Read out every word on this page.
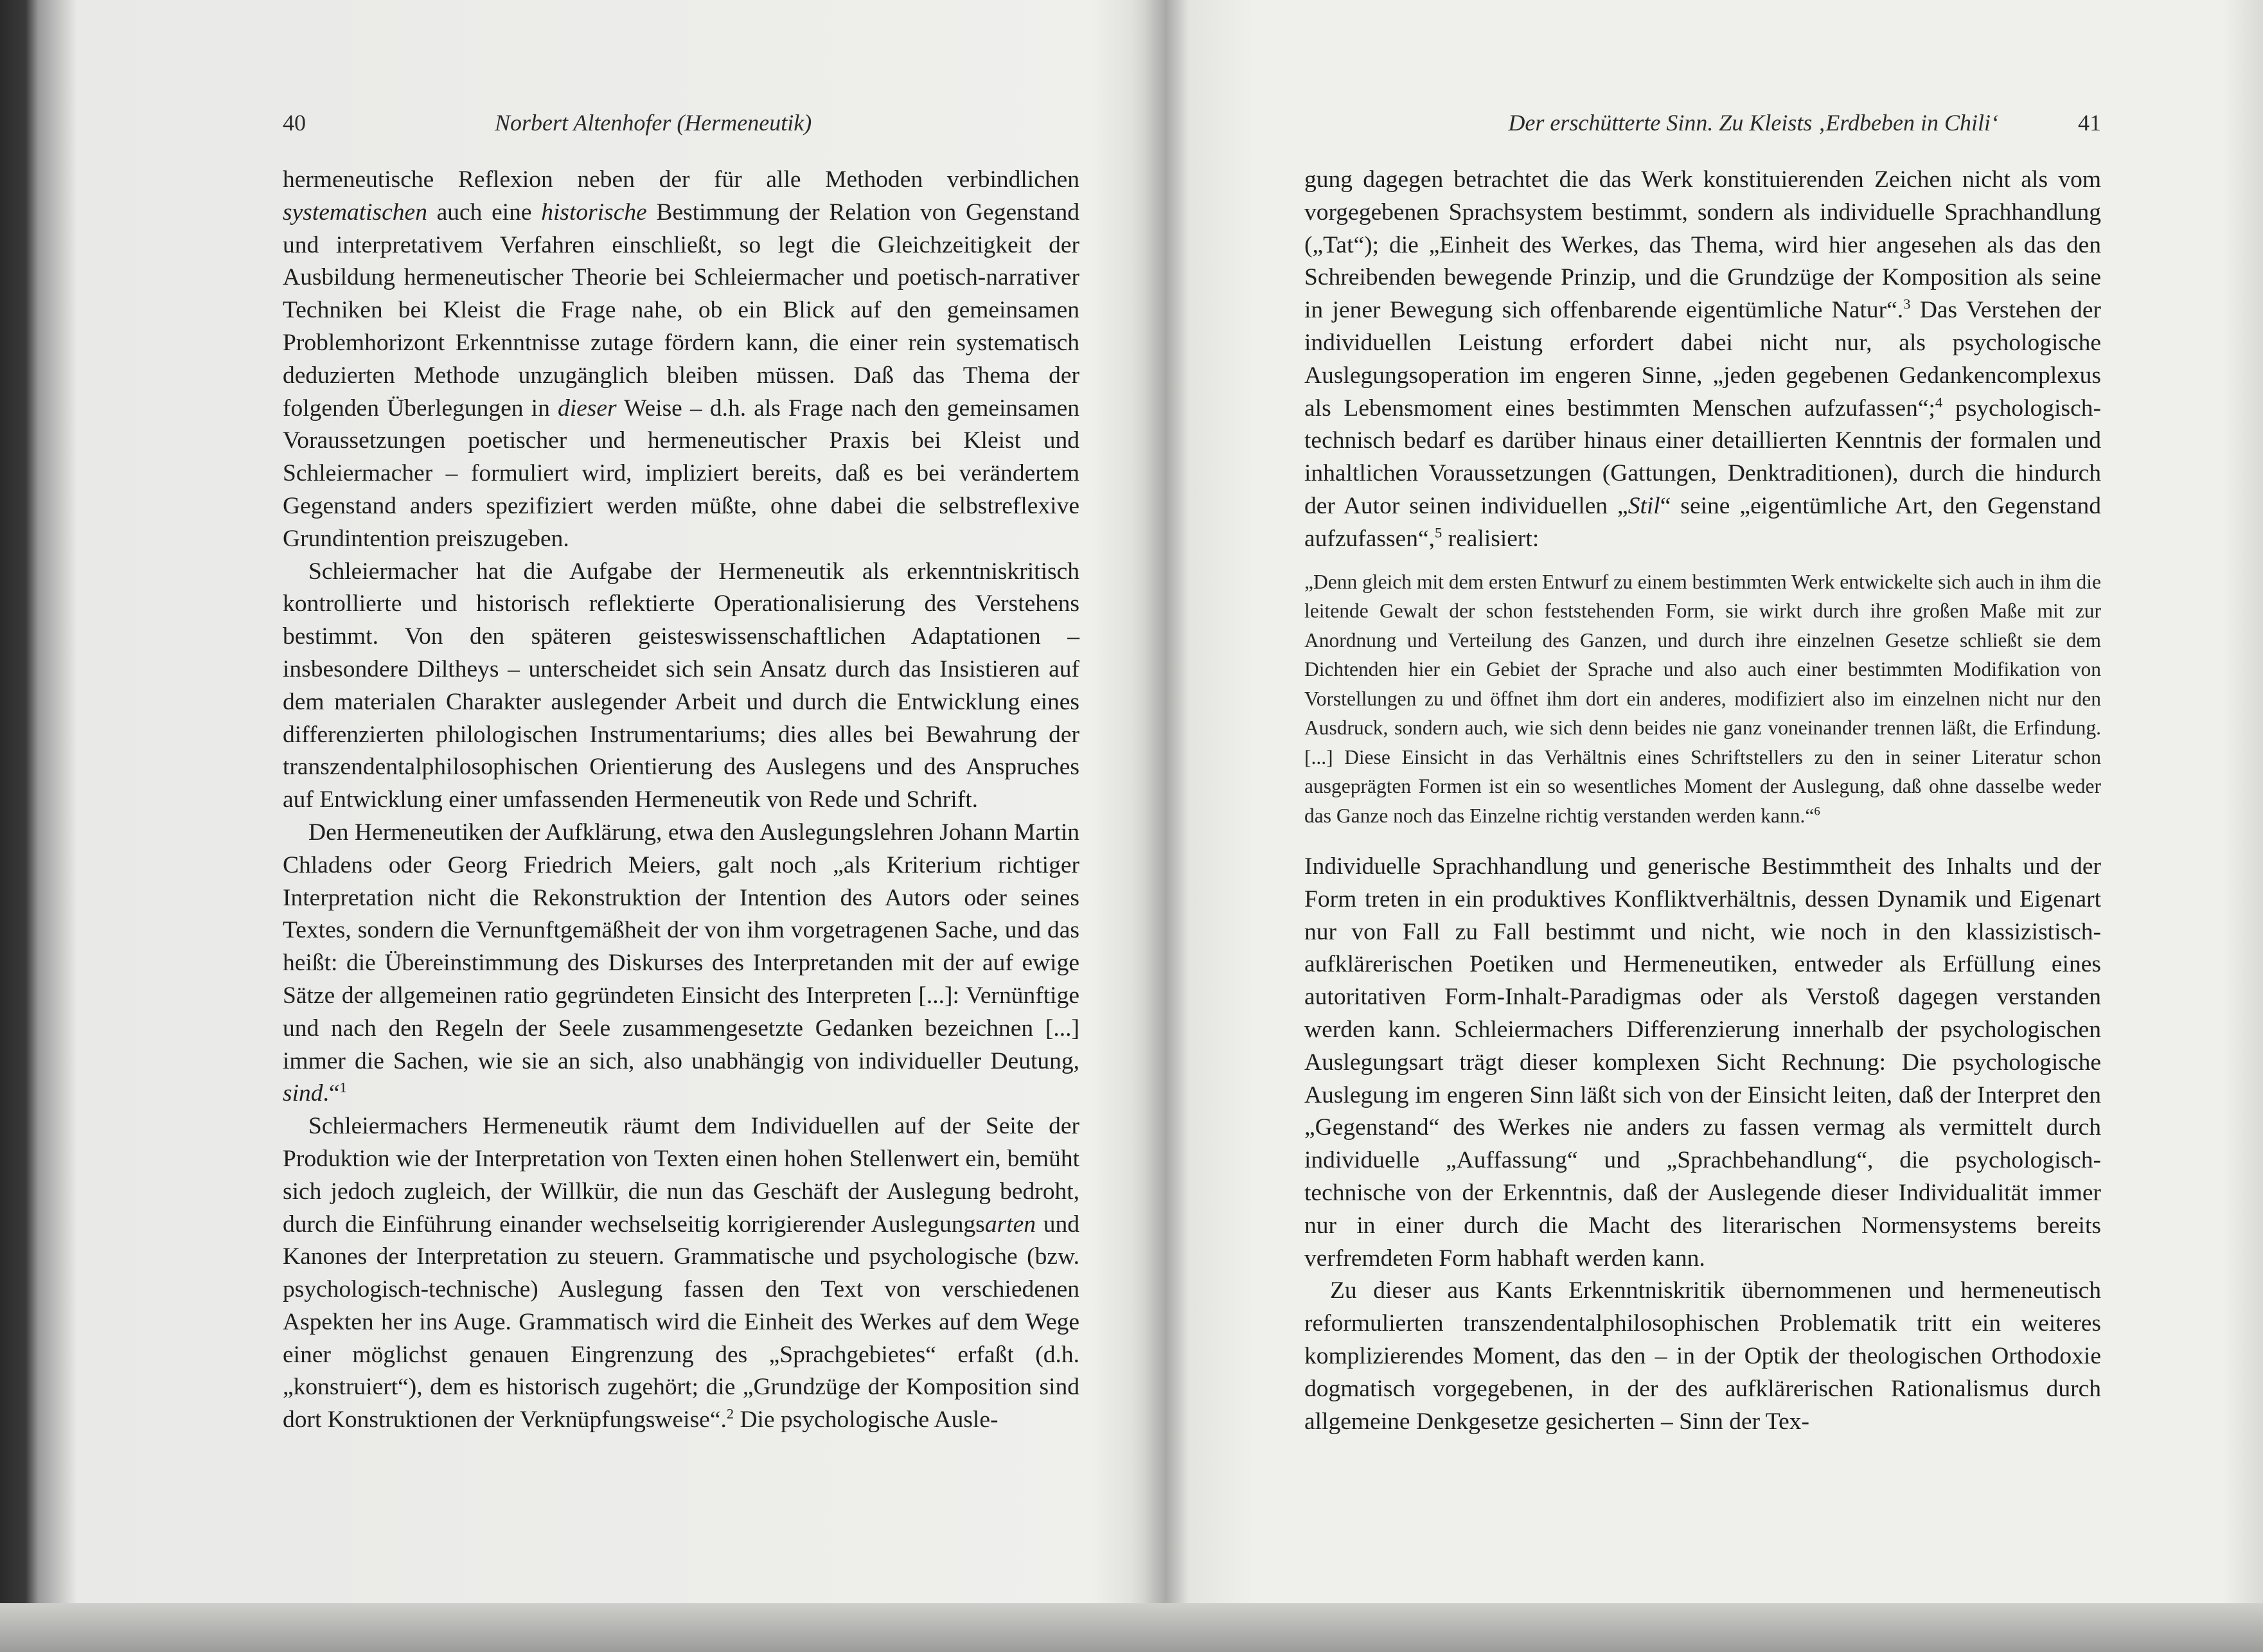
40	Norbert Altenhofer (Hermeneutik)

hermeneutische Reflexion neben der für alle Methoden verbindlichen systematischen auch eine historische Bestimmung der Relation von Gegenstand und interpretativem Verfahren einschließt, so legt die Gleichzeitigkeit der Ausbildung hermeneutischer Theorie bei Schleiermacher und poetisch-narrativer Techniken bei Kleist die Frage nahe, ob ein Blick auf den gemeinsamen Problemhorizont Erkenntnisse zutage fördern kann, die einer rein systematisch deduzierten Methode unzugänglich bleiben müssen. Daß das Thema der folgenden Überlegungen in dieser Weise – d.h. als Frage nach den gemeinsamen Voraussetzungen poetischer und hermeneutischer Praxis bei Kleist und Schleiermacher – formuliert wird, impliziert bereits, daß es bei verändertem Gegenstand anders spezifiziert werden müßte, ohne dabei die selbstreflexive Grundintention preiszugeben.

Schleiermacher hat die Aufgabe der Hermeneutik als erkenntniskritisch kontrollierte und historisch reflektierte Operationalisierung des Verstehens bestimmt. Von den späteren geisteswissenschaftlichen Adaptationen – insbesondere Diltheys – unterscheidet sich sein Ansatz durch das Insistieren auf dem materialen Charakter auslegender Arbeit und durch die Entwicklung eines differenzierten philologischen Instrumentariums; dies alles bei Bewahrung der transzendentalphilosophischen Orientierung des Auslegens und des Anspruches auf Entwicklung einer umfassenden Hermeneutik von Rede und Schrift.

Den Hermeneutiken der Aufklärung, etwa den Auslegungslehren Johann Martin Chladens oder Georg Friedrich Meiers, galt noch „als Kriterium richtiger Interpretation nicht die Rekonstruktion der Intention des Autors oder seines Textes, sondern die Vernunftgemäßheit der von ihm vorgetragenen Sache, und das heißt: die Übereinstimmung des Diskurses des Interpretanden mit der auf ewige Sätze der allgemeinen ratio gegründeten Einsicht des Interpreten [...]: Vernünftige und nach den Regeln der Seele zusammengesetzte Gedanken bezeichnen [...] immer die Sachen, wie sie an sich, also unabhängig von individueller Deutung, sind.“$^1$

Schleiermachers Hermeneutik räumt dem Individuellen auf der Seite der Produktion wie der Interpretation von Texten einen hohen Stellenwert ein, bemüht sich jedoch zugleich, der Willkür, die nun das Geschäft der Auslegung bedroht, durch die Einführung einander wechselseitig korrigierender Auslegungsarten und Kanones der Interpretation zu steuern. Grammatische und psychologische (bzw. psychologisch-technische) Auslegung fassen den Text von verschiedenen Aspekten her ins Auge. Grammatisch wird die Einheit des Werkes auf dem Wege einer möglichst genauen Eingrenzung des „Sprachgebietes“ erfaßt (d.h. „konstruiert“), dem es historisch zugehört; die „Grundzüge der Komposition sind dort Konstruktionen der Verknüpfungsweise“.$^2$ Die psychologische Ausle-

Der erschütterte Sinn. Zu Kleists ‚Erdbeben in Chili‘	41

gung dagegen betrachtet die das Werk konstituierenden Zeichen nicht als vom vorgegebenen Sprachsystem bestimmt, sondern als individuelle Sprachhandlung („Tat“); die „Einheit des Werkes, das Thema, wird hier angesehen als das den Schreibenden bewegende Prinzip, und die Grundzüge der Komposition als seine in jener Bewegung sich offenbarende eigentümliche Natur“.$^3$ Das Verstehen der individuellen Leistung erfordert dabei nicht nur, als psychologische Auslegungsoperation im engeren Sinne, „jeden gegebenen Gedankencomplexus als Lebensmoment eines bestimmten Menschen aufzufassen“;$^4$ psychologisch-technisch bedarf es darüber hinaus einer detaillierten Kenntnis der formalen und inhaltlichen Voraussetzungen (Gattungen, Denktraditionen), durch die hindurch der Autor seinen individuellen „Stil“ seine „eigentümliche Art, den Gegenstand aufzufassen“,$^5$ realisiert:

„Denn gleich mit dem ersten Entwurf zu einem bestimmten Werk entwickelte sich auch in ihm die leitende Gewalt der schon feststehenden Form, sie wirkt durch ihre großen Maße mit zur Anordnung und Verteilung des Ganzen, und durch ihre einzelnen Gesetze schließt sie dem Dichtenden hier ein Gebiet der Sprache und also auch einer bestimmten Modifikation von Vorstellungen zu und öffnet ihm dort ein anderes, modifiziert also im einzelnen nicht nur den Ausdruck, sondern auch, wie sich denn beides nie ganz voneinander trennen läßt, die Erfindung. [...] Diese Einsicht in das Verhältnis eines Schriftstellers zu den in seiner Literatur schon ausgeprägten Formen ist ein so wesentliches Moment der Auslegung, daß ohne dasselbe weder das Ganze noch das Einzelne richtig verstanden werden kann.“$^6$

Individuelle Sprachhandlung und generische Bestimmtheit des Inhalts und der Form treten in ein produktives Konfliktverhältnis, dessen Dynamik und Eigenart nur von Fall zu Fall bestimmt und nicht, wie noch in den klassizistisch-aufklärerischen Poetiken und Hermeneutiken, entweder als Erfüllung eines autoritativen Form-Inhalt-Paradigmas oder als Verstoß dagegen verstanden werden kann. Schleiermachers Differenzierung innerhalb der psychologischen Auslegungsart trägt dieser komplexen Sicht Rechnung: Die psychologische Auslegung im engeren Sinn läßt sich von der Einsicht leiten, daß der Interpret den „Gegenstand“ des Werkes nie anders zu fassen vermag als vermittelt durch individuelle „Auffassung“ und „Sprachbehandlung“, die psychologisch-technische von der Erkenntnis, daß der Auslegende dieser Individualität immer nur in einer durch die Macht des literarischen Normensystems bereits verfremdeten Form habhaft werden kann.

Zu dieser aus Kants Erkenntniskritik übernommenen und hermeneutisch reformulierten transzendentalphilosophischen Problematik tritt ein weiteres komplizierendes Moment, das den – in der Optik der theologischen Orthodoxie dogmatisch vorgegebenen, in der des aufklärerischen Rationalismus durch allgemeine Denkgesetze gesicherten – Sinn der Tex-
